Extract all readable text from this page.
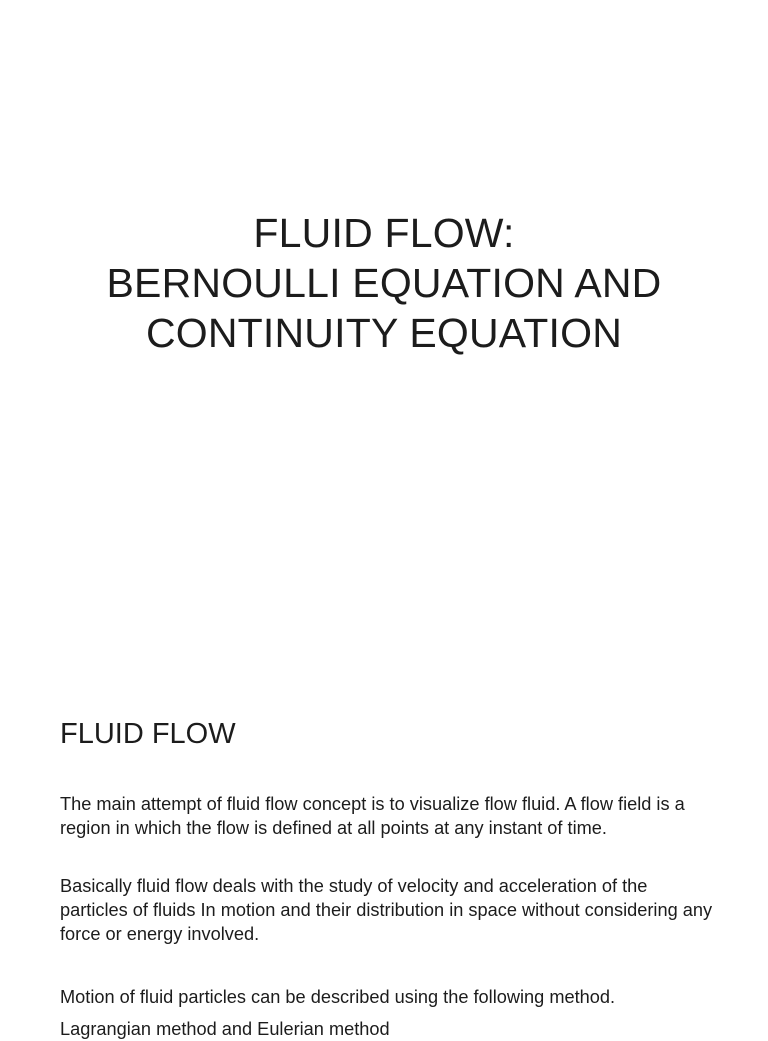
FLUID FLOW:
BERNOULLI EQUATION AND
CONTINUITY EQUATION
FLUID FLOW

The main attempt of fluid flow concept is to visualize flow fluid. A flow field is a region in which the flow is defined at all points at any instant of time.

Basically fluid flow deals with the study of velocity and acceleration of the particles of fluids In motion and their distribution in space without considering any force or energy involved.

Motion of fluid particles can be described using the following method.

Lagrangian method and Eulerian method
